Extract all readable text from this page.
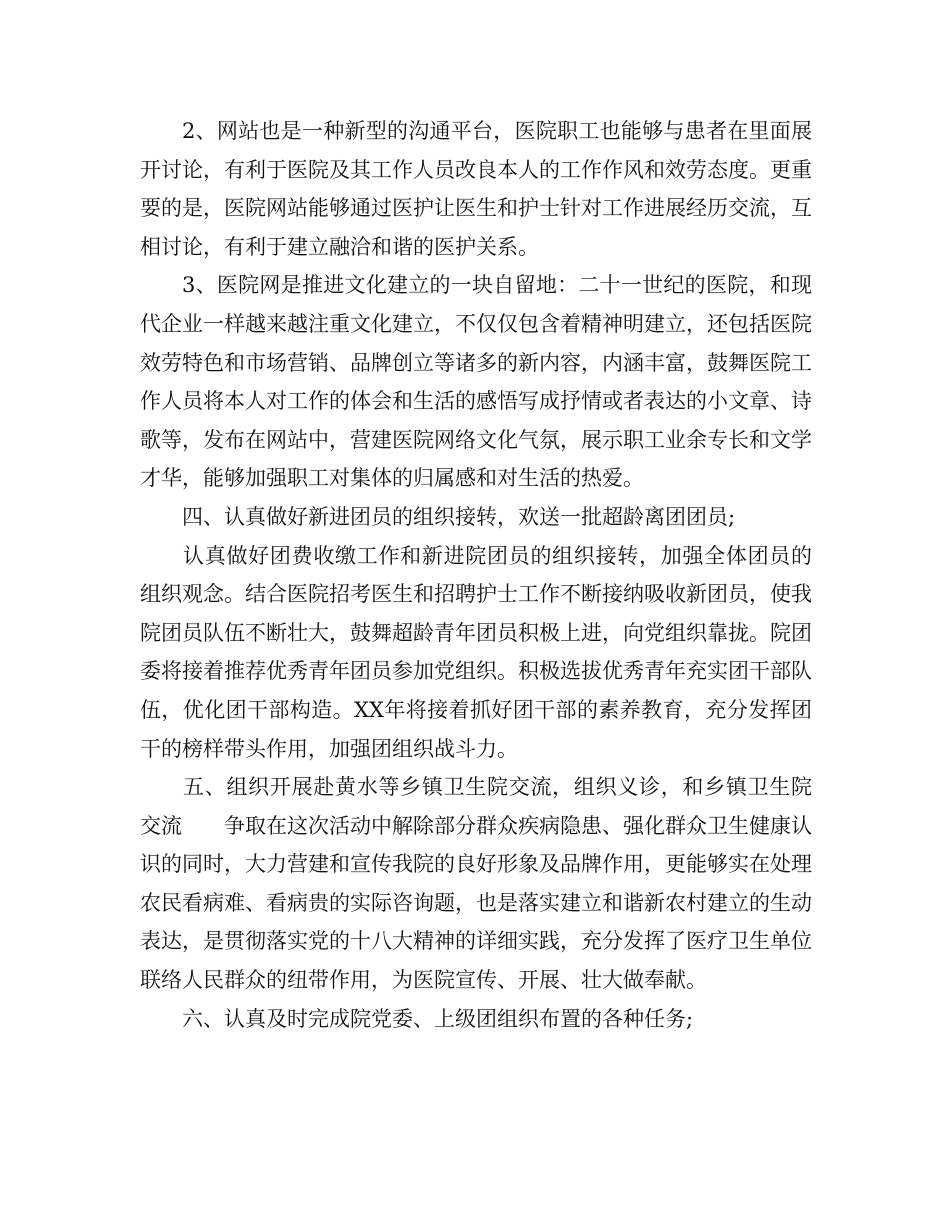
2、网站也是一种新型的沟通平台，医院职工也能够与患者在里面展开讨论，有利于医院及其工作人员改良本人的工作作风和效劳态度。更重要的是，医院网站能够通过医护让医生和护士针对工作进展经历交流，互相讨论，有利于建立融洽和谐的医护关系。

3、医院网是推进文化建立的一块自留地：二十一世纪的医院，和现代企业一样越来越注重文化建立，不仅仅包含着精神明建立，还包括医院效劳特色和市场营销、品牌创立等诸多的新内容，内涵丰富，鼓舞医院工作人员将本人对工作的体会和生活的感悟写成抒情或者表达的小文章、诗歌等，发布在网站中，营建医院网络文化气氛，展示职工业余专长和文学才华，能够加强职工对集体的归属感和对生活的热爱。

四、认真做好新进团员的组织接转，欢送一批超龄离团团员;

认真做好团费收缴工作和新进院团员的组织接转，加强全体团员的组织观念。结合医院招考医生和招聘护士工作不断接纳吸收新团员，使我院团员队伍不断壮大，鼓舞超龄青年团员积极上进，向党组织靠拢。院团委将接着推荐优秀青年团员参加党组织。积极选拔优秀青年充实团干部队伍，优化团干部构造。XX年将接着抓好团干部的素养教育，充分发挥团干的榜样带头作用，加强团组织战斗力。

五、组织开展赴黄水等乡镇卫生院交流，组织义诊，和乡镇卫生院交流　　争取在这次活动中解除部分群众疾病隐患、强化群众卫生健康认识的同时，大力营建和宣传我院的良好形象及品牌作用，更能够实在处理农民看病难、看病贵的实际咨询题，也是落实建立和谐新农村建立的生动表达，是贯彻落实党的十八大精神的详细实践，充分发挥了医疗卫生单位联络人民群众的纽带作用，为医院宣传、开展、壮大做奉献。

六、认真及时完成院党委、上级团组织布置的各种任务;
